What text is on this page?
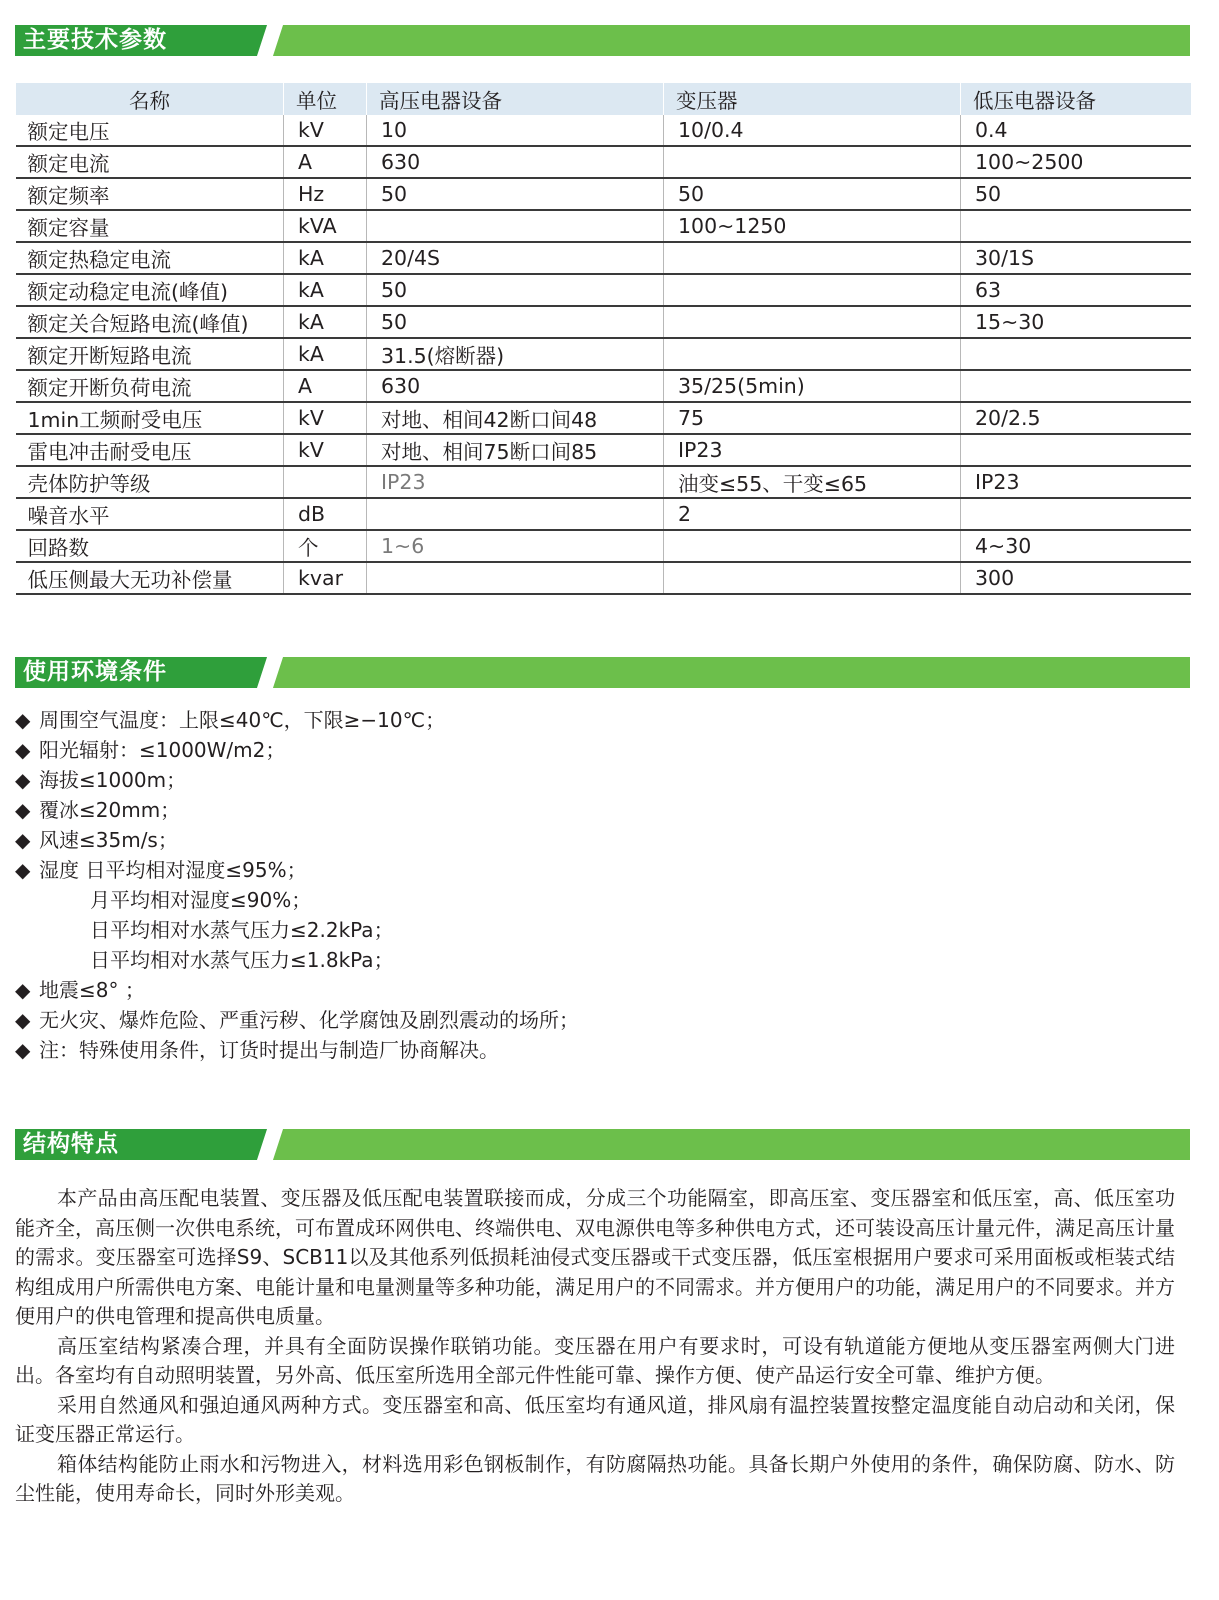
主要技术参数
名称	单位	高压电器设备	变压器	低压电器设备
额定电压	kV	10	10/0.4	0.4
额定电流	A	630		100~2500
额定频率	Hz	50	50	50
额定容量	kVA		100~1250	
额定热稳定电流	kA	20/4S		30/1S
额定动稳定电流(峰值)	kA	50		63
额定关合短路电流(峰值)	kA	50		15~30
额定开断短路电流	kA	31.5(熔断器)		
额定开断负荷电流	A	630	35/25(5min)	
1min工频耐受电压	kV	对地、相间42断口间48	75	20/2.5
雷电冲击耐受电压	kV	对地、相间75断口间85	IP23	
壳体防护等级		IP23	油变≤55、干变≤65	IP23
噪音水平	dB		2	
回路数	个	1~6		4~30
低压侧最大无功补偿量	kvar			300
使用环境条件
◆ 周围空气温度：上限≤40℃，下限≥−10℃；
◆ 阳光辐射：≤1000W/m2；
◆ 海拔≤1000m；
◆ 覆冰≤20mm；
◆ 风速≤35m/s；
◆ 湿度 日平均相对湿度≤95%；
月平均相对湿度≤90%；
日平均相对水蒸气压力≤2.2kPa；
日平均相对水蒸气压力≤1.8kPa；
◆ 地震≤8° ；
◆ 无火灾、爆炸危险、严重污秽、化学腐蚀及剧烈震动的场所；
◆ 注：特殊使用条件，订货时提出与制造厂协商解决。
结构特点

本产品由高压配电装置、变压器及低压配电装置联接而成，分成三个功能隔室，即高压室、变压器室和低压室，高、低压室功能齐全，高压侧一次供电系统，可布置成环网供电、终端供电、双电源供电等多种供电方式，还可装设高压计量元件，满足高压计量的需求。变压器室可选择S9、SCB11以及其他系列低损耗油侵式变压器或干式变压器，低压室根据用户要求可采用面板或柜装式结构组成用户所需供电方案、电能计量和电量测量等多种功能，满足用户的不同需求。并方便用户的功能，满足用户的不同要求。并方便用户的供电管理和提高供电质量。

高压室结构紧凑合理，并具有全面防误操作联销功能。变压器在用户有要求时，可设有轨道能方便地从变压器室两侧大门进出。各室均有自动照明装置，另外高、低压室所选用全部元件性能可靠、操作方便、使产品运行安全可靠、维护方便。

采用自然通风和强迫通风两种方式。变压器室和高、低压室均有通风道，排风扇有温控装置按整定温度能自动启动和关闭，保证变压器正常运行。

箱体结构能防止雨水和污物进入，材料选用彩色钢板制作，有防腐隔热功能。具备长期户外使用的条件，确保防腐、防水、防尘性能，使用寿命长，同时外形美观。
